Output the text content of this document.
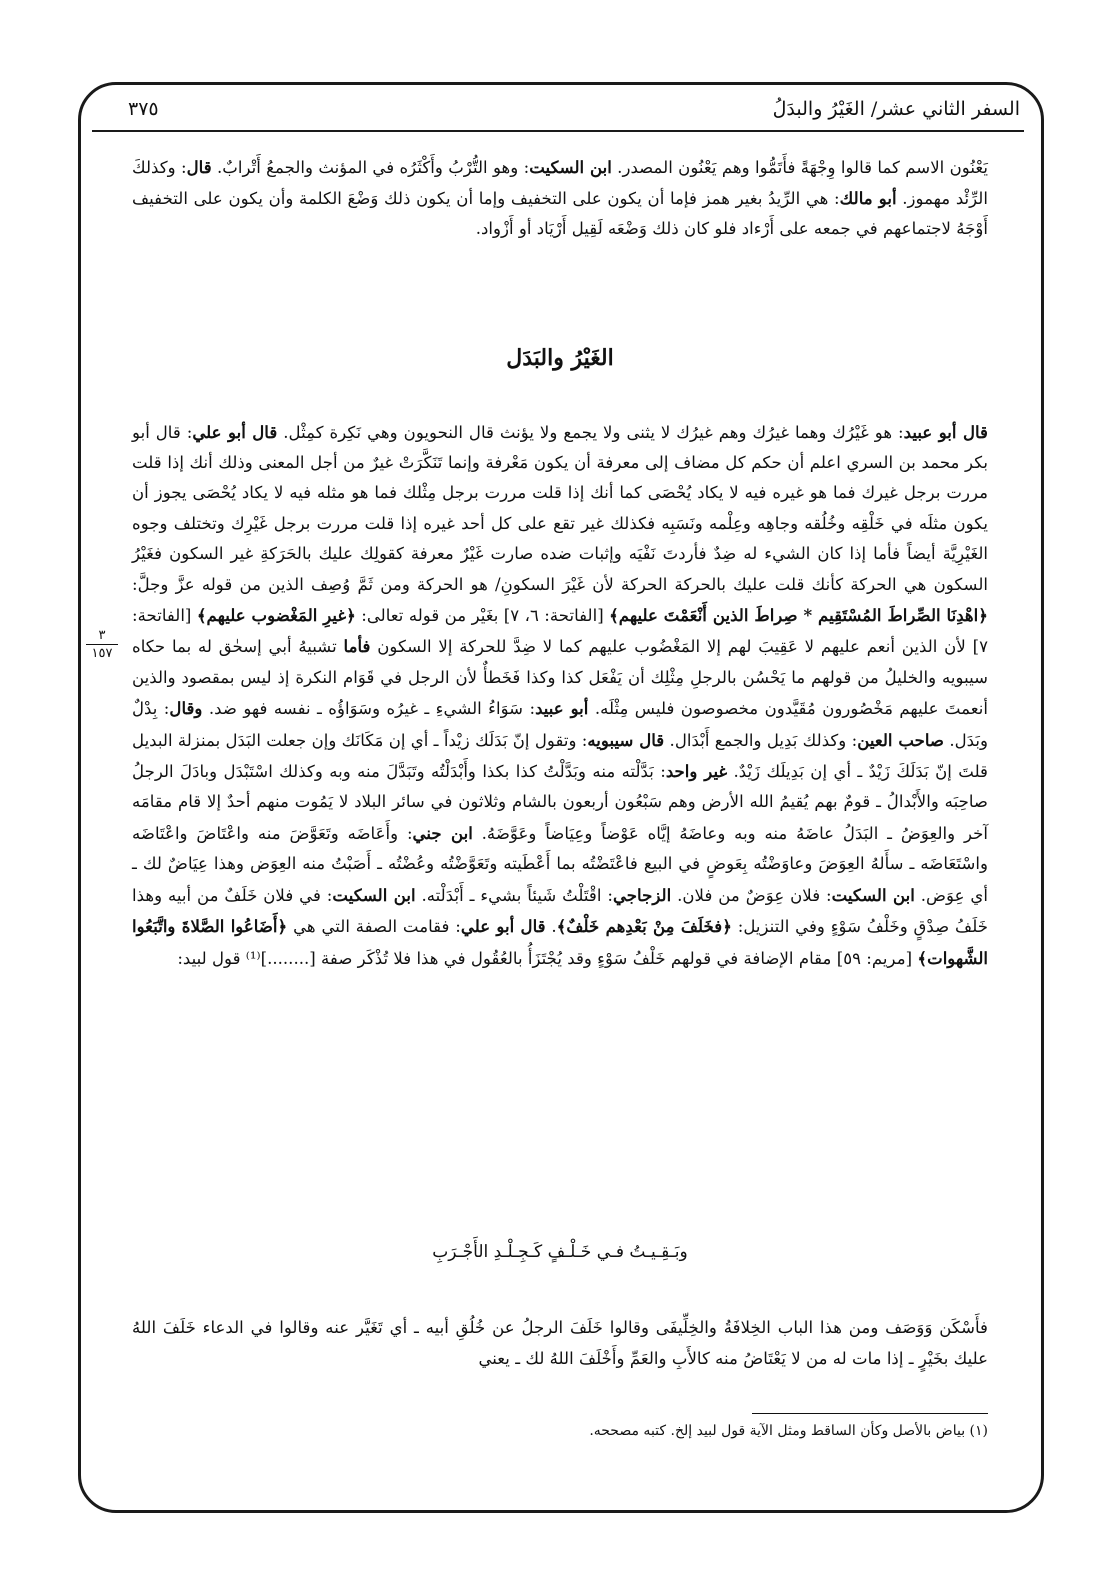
السفر الثاني عشر/ الغَيْرُ والبدَلُ
٣٧٥
٣
١٥٧

يَعْنُون الاسم كما قالوا وِجْهَةً فأَتَمُّوا وهم يَعْنُون المصدر. ابن السكيت: وهو التُّرْبُ وأَكْثَرُه في المؤنث والجمعُ أَتْرابٌ. قال: وكذلكَ الرِّئْد مهموز. أبو مالك: هي الرِّيدُ بغير همز فإما أن يكون على التخفيف وإما أن يكون ذلك وَضْعَ الكلمة وأن يكون على التخفيف أَوْجَهُ لاجتماعهم في جمعه على أَرْءاد فلو كان ذلك وَضْعَه لَقِيل أَرْيَاد أو أَزْواد.

الغَيْرُ والبَدَل

قال أبو عبيد: هو غَيْرُك وهما غيرُك وهم غيرُك لا يثنى ولا يجمع ولا يؤنث قال النحويون وهي نَكِرة كمِثْل. قال أبو علي: قال أبو بكر محمد بن السري اعلم أن حكم كل مضاف إلى معرفة أن يكون مَعْرفة وإنما تَنَكَّرَتْ غيرٌ من أجل المعنى وذلك أنك إذا قلت مررت برجل غيرك فما هو غيره فيه لا يكاد يُحْصَى كما أنك إذا قلت مررت برجل مِثْلك فما هو مثله فيه لا يكاد يُحْصَى يجوز أن يكون مثلَه في خَلْقِه وخُلُقه وجاهِه وعِلْمه ونَسَبِه فكذلك غير تقع على كل أحد غيره إذا قلت مررت برجل غَيْرِك وتختلف وجوه الغَيْرِيَّة أيضاً فأما إذا كان الشيء له ضِدٌ فأردتَ نَفْيَه وإثبات ضده صارت غَيْرٌ معرفة كقولِك عليك بالحَرَكةِ غير السكون فغَيْرُ السكون هي الحركة كأنك قلت عليك بالحركة الحركة لأن غَيْرَ السكونِ/ هو الحركة ومن ثَمَّ وُصِف الذين من قوله عزَّ وجلَّ: ﴿اهْدِنَا الصِّراطَ المُسْتَقِيم * صِراطَ الذين أَنْعَمْتَ عليهم﴾ [الفاتحة: ٦، ٧] بغَيْر من قوله تعالى: ﴿غيرِ المَغْضوب عليهم﴾ [الفاتحة: ٧] لأن الذين أنعم عليهم لا عَقِيبَ لهم إلا المَغْضُوب عليهم كما لا ضِدَّ للحركة إلا السكون فأما تشبيهُ أبي إسحٰق له بما حكاه سيبويه والخليلُ من قولهم ما يَحْسُن بالرجلِ مِثْلِك أن يَفْعَل كذا وكذا فَخَطأٌ لأن الرجل في قَوَام النكرة إذ ليس بمقصود والذين أنعمتَ عليهم مَخْصُورون مُقَيَّدون مخصوصون فليس مِثْلَه. أبو عبيد: سَوَاءُ الشيءِ ـ غيرُه وسَوَاؤُه ـ نفسه فهو ضد. وقال: بِدْلٌ وبَدَل. صاحب العين: وكذلك بَدِيل والجمع أَبْدَال. قال سيبويه: وتقول إنّ بَدَلَك زيْداً ـ أي إن مَكَانَك وإن جعلت البَدَل بمنزلة البديل قلتَ إنّ بَدَلَكَ زَيْدٌ ـ أي إن بَدِيلَك زَيْدٌ. غير واحد: بَدَّلْته منه وبَدَّلْتُ كذا بكذا وأَبْدَلْتُه وتَبَدَّلَ منه وبه وكذلك اسْتَبْدَل وبادَلَ الرجلُ صاحِبَه والأَبْدالُ ـ قومٌ بهم يُقيمُ الله الأرض وهم سَبْعُون أربعون بالشام وثلاثون في سائر البلاد لا يَمُوت منهم أحدٌ إلا قام مقامَه آخر والعِوَضُ ـ البَدَلُ عاضَهُ منه وبه وعاضَهُ إيَّاه عَوْضاً وعِيَاضاً وعَوَّضَهُ. ابن جني: وأَعَاضَه وتَعَوَّضَ منه واعْتَاضَ واعْتَاضَه واسْتَعَاضَه ـ سأَلهُ العِوَضَ وعاوَضْتُه بِعَوضٍ في البيع فاعْتَضْتُه بما أَعْطَيته وتَعَوَّضْتُه وعُضْتُه ـ أَصَبْتُ منه العِوَض وهذا عِيَاضٌ لك ـ أي عِوَض. ابن السكيت: فلان عِوَضٌ من فلان. الزجاجي: اقْتَلْتُ شَيئاً بشيء ـ أَبْدَلْته. ابن السكيت: في فلان خَلَفٌ من أبيه وهذا خَلَفُ صِدْقٍ وخَلْفُ سَوْءٍ وفي التنزيل: ﴿فخَلَفَ مِنْ بَعْدِهم خَلْفٌ﴾. قال أبو علي: فقامت الصفة التي هي ﴿أَضَاعُوا الصَّلاةَ واتَّبَعُوا الشَّهوات﴾ [مريم: ٥٩] مقام الإضافة في قولهم خَلْفُ سَوْءٍ وقد يُجْتَزَأُ بالعُقُول في هذا فلا تُذْكَر صفة [........]⁽¹⁾ قول لبيد:

وبَـقِـيـتُ فـي خَـلْـفٍ كَـجِـلْـدِ الأَجْـرَبِ

فأَسْكَن وَوَصَف ومن هذا الباب الخِلافَةُ والخِلِّيفَى وقالوا خَلَفَ الرجلُ عن خُلُقِ أبيه ـ أي تَغَيَّر عنه وقالوا في الدعاء خَلَفَ اللهُ عليك بخَيْرٍ ـ إذا مات له من لا يَعْتَاضُ منه كالأَبِ والعَمِّ وأَخْلَفَ اللهُ لك ـ يعني

(١) بياض بالأصل وكأن الساقط ومثل الآية قول لبيد إلخ. كتبه مصححه.
